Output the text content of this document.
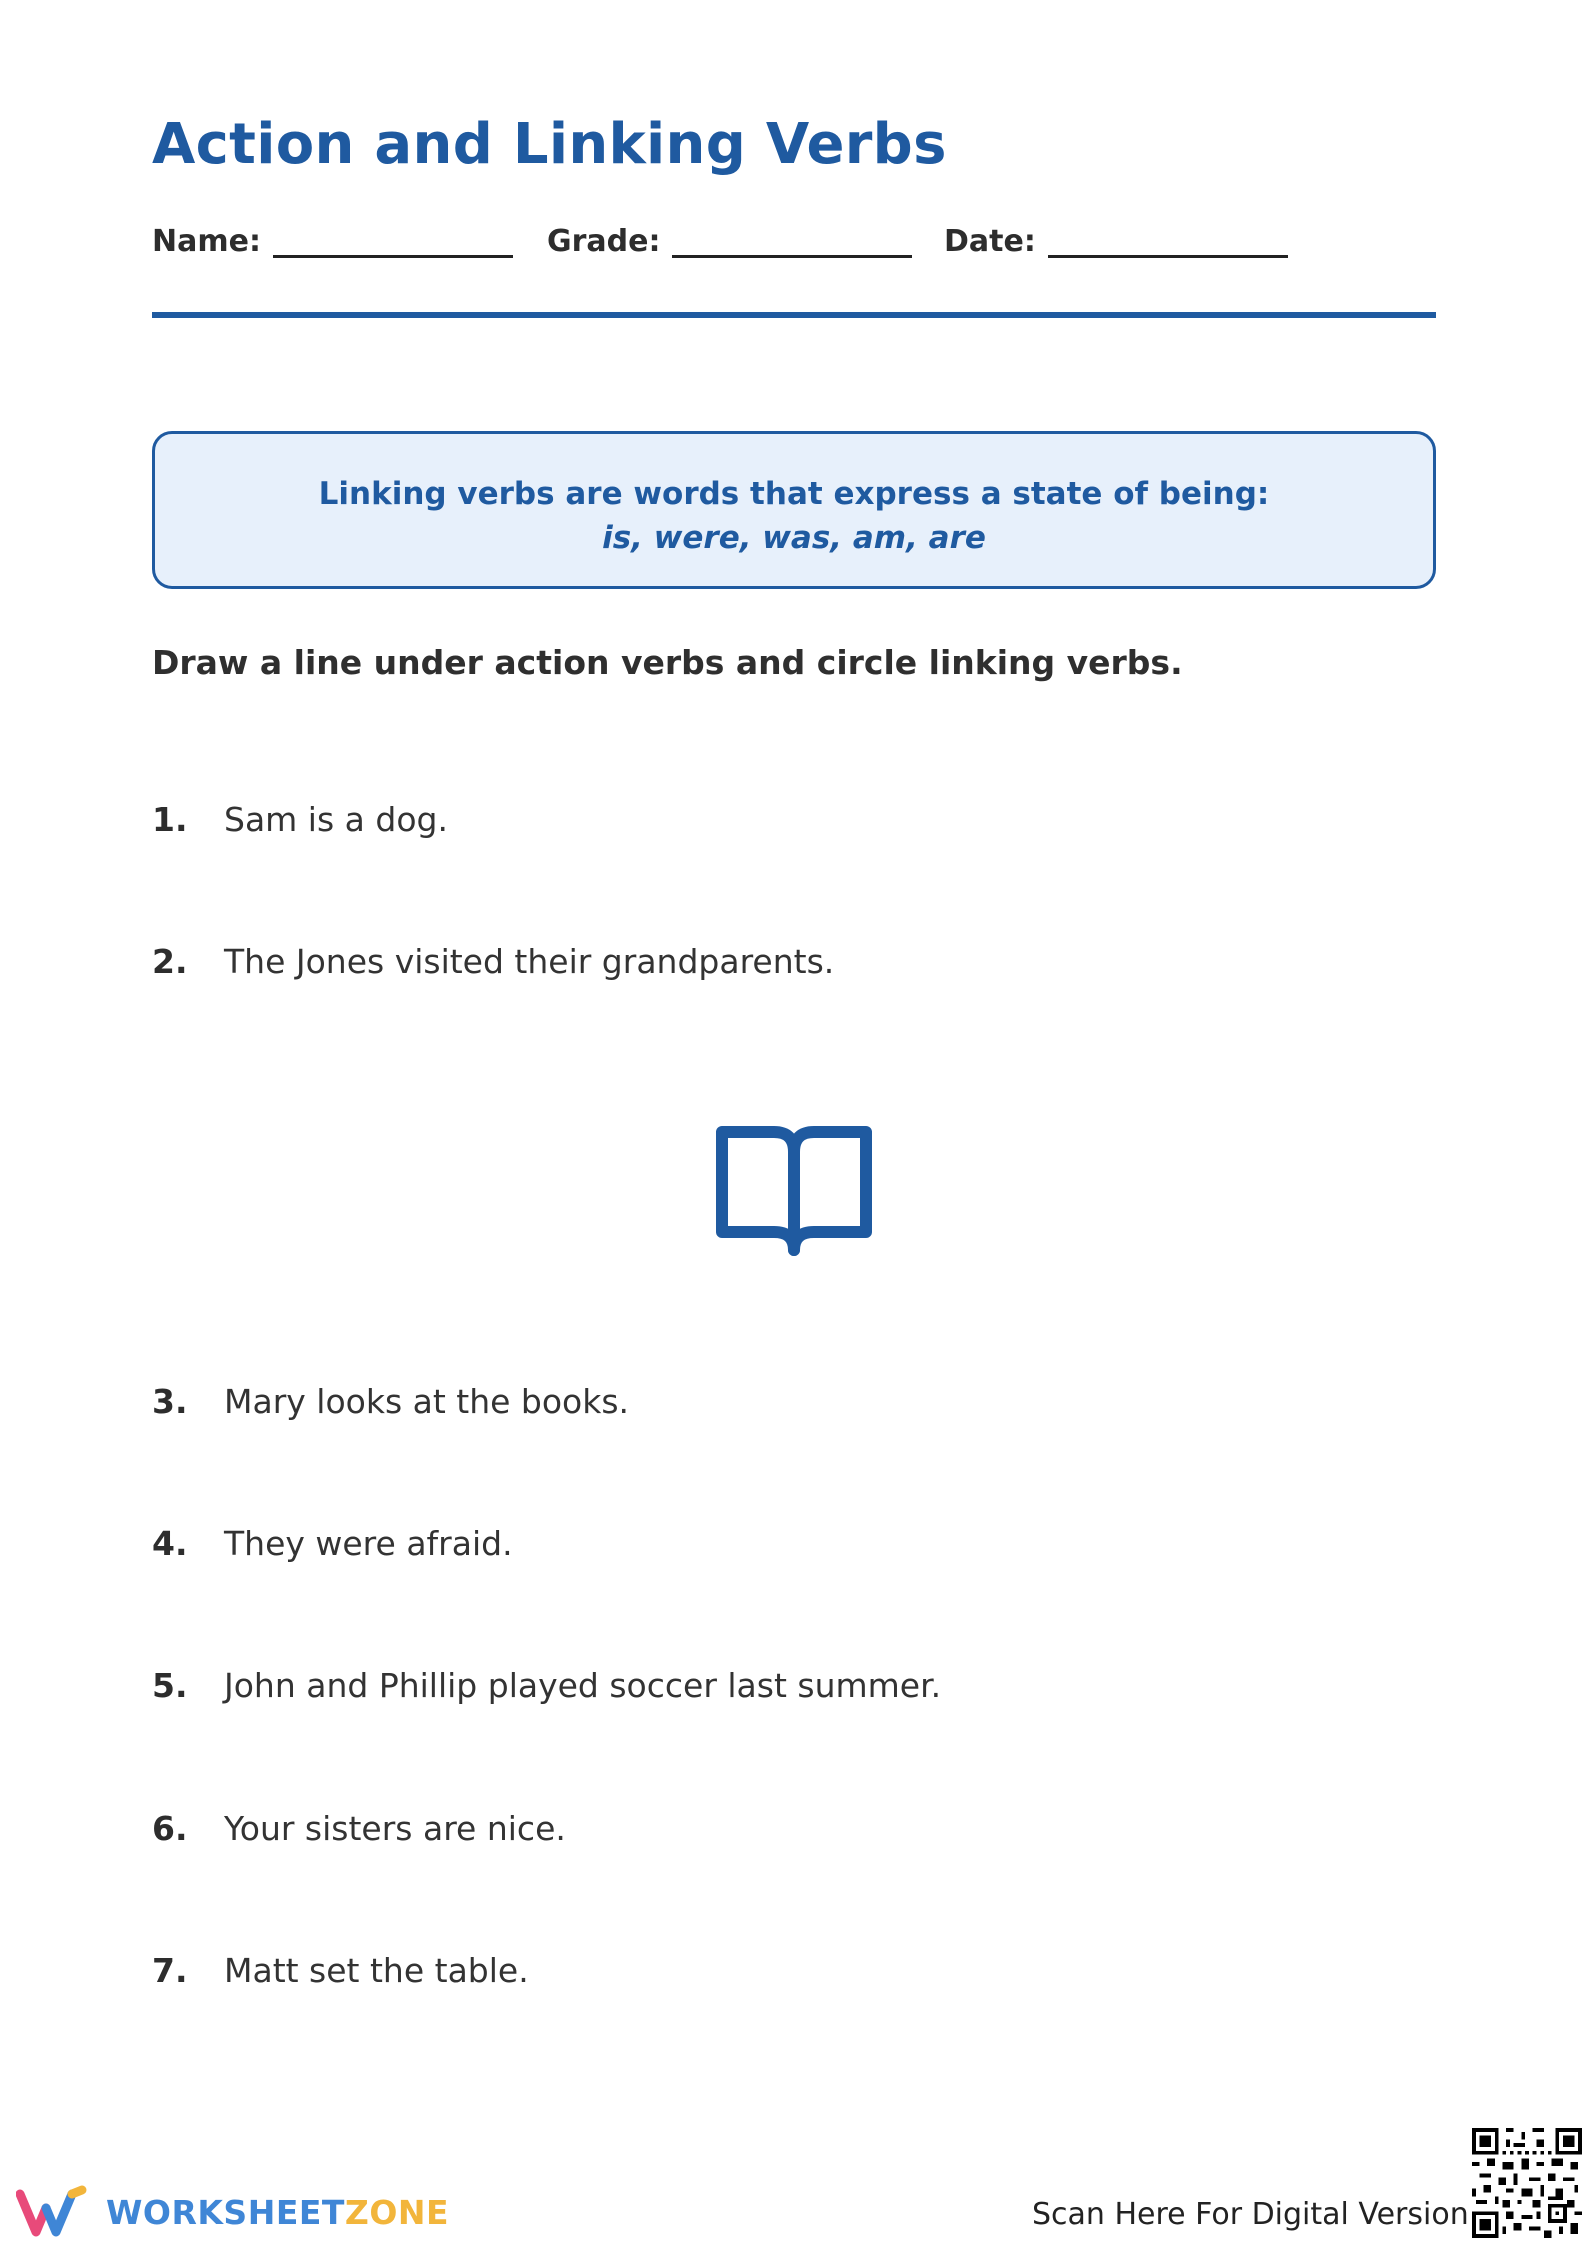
Action and Linking Verbs
Name:	Grade:	Date:
Linking verbs are words that express a state of being:
is, were, was, am, are
Draw a line under action verbs and circle linking verbs.
1.	Sam is a dog.
2.	The Jones visited their grandparents.
3.	Mary looks at the books.
4.	They were afraid.
5.	John and Phillip played soccer last summer.
6.	Your sisters are nice.
7.	Matt set the table.
WORKSHEETZONE	Scan Here For Digital Version
